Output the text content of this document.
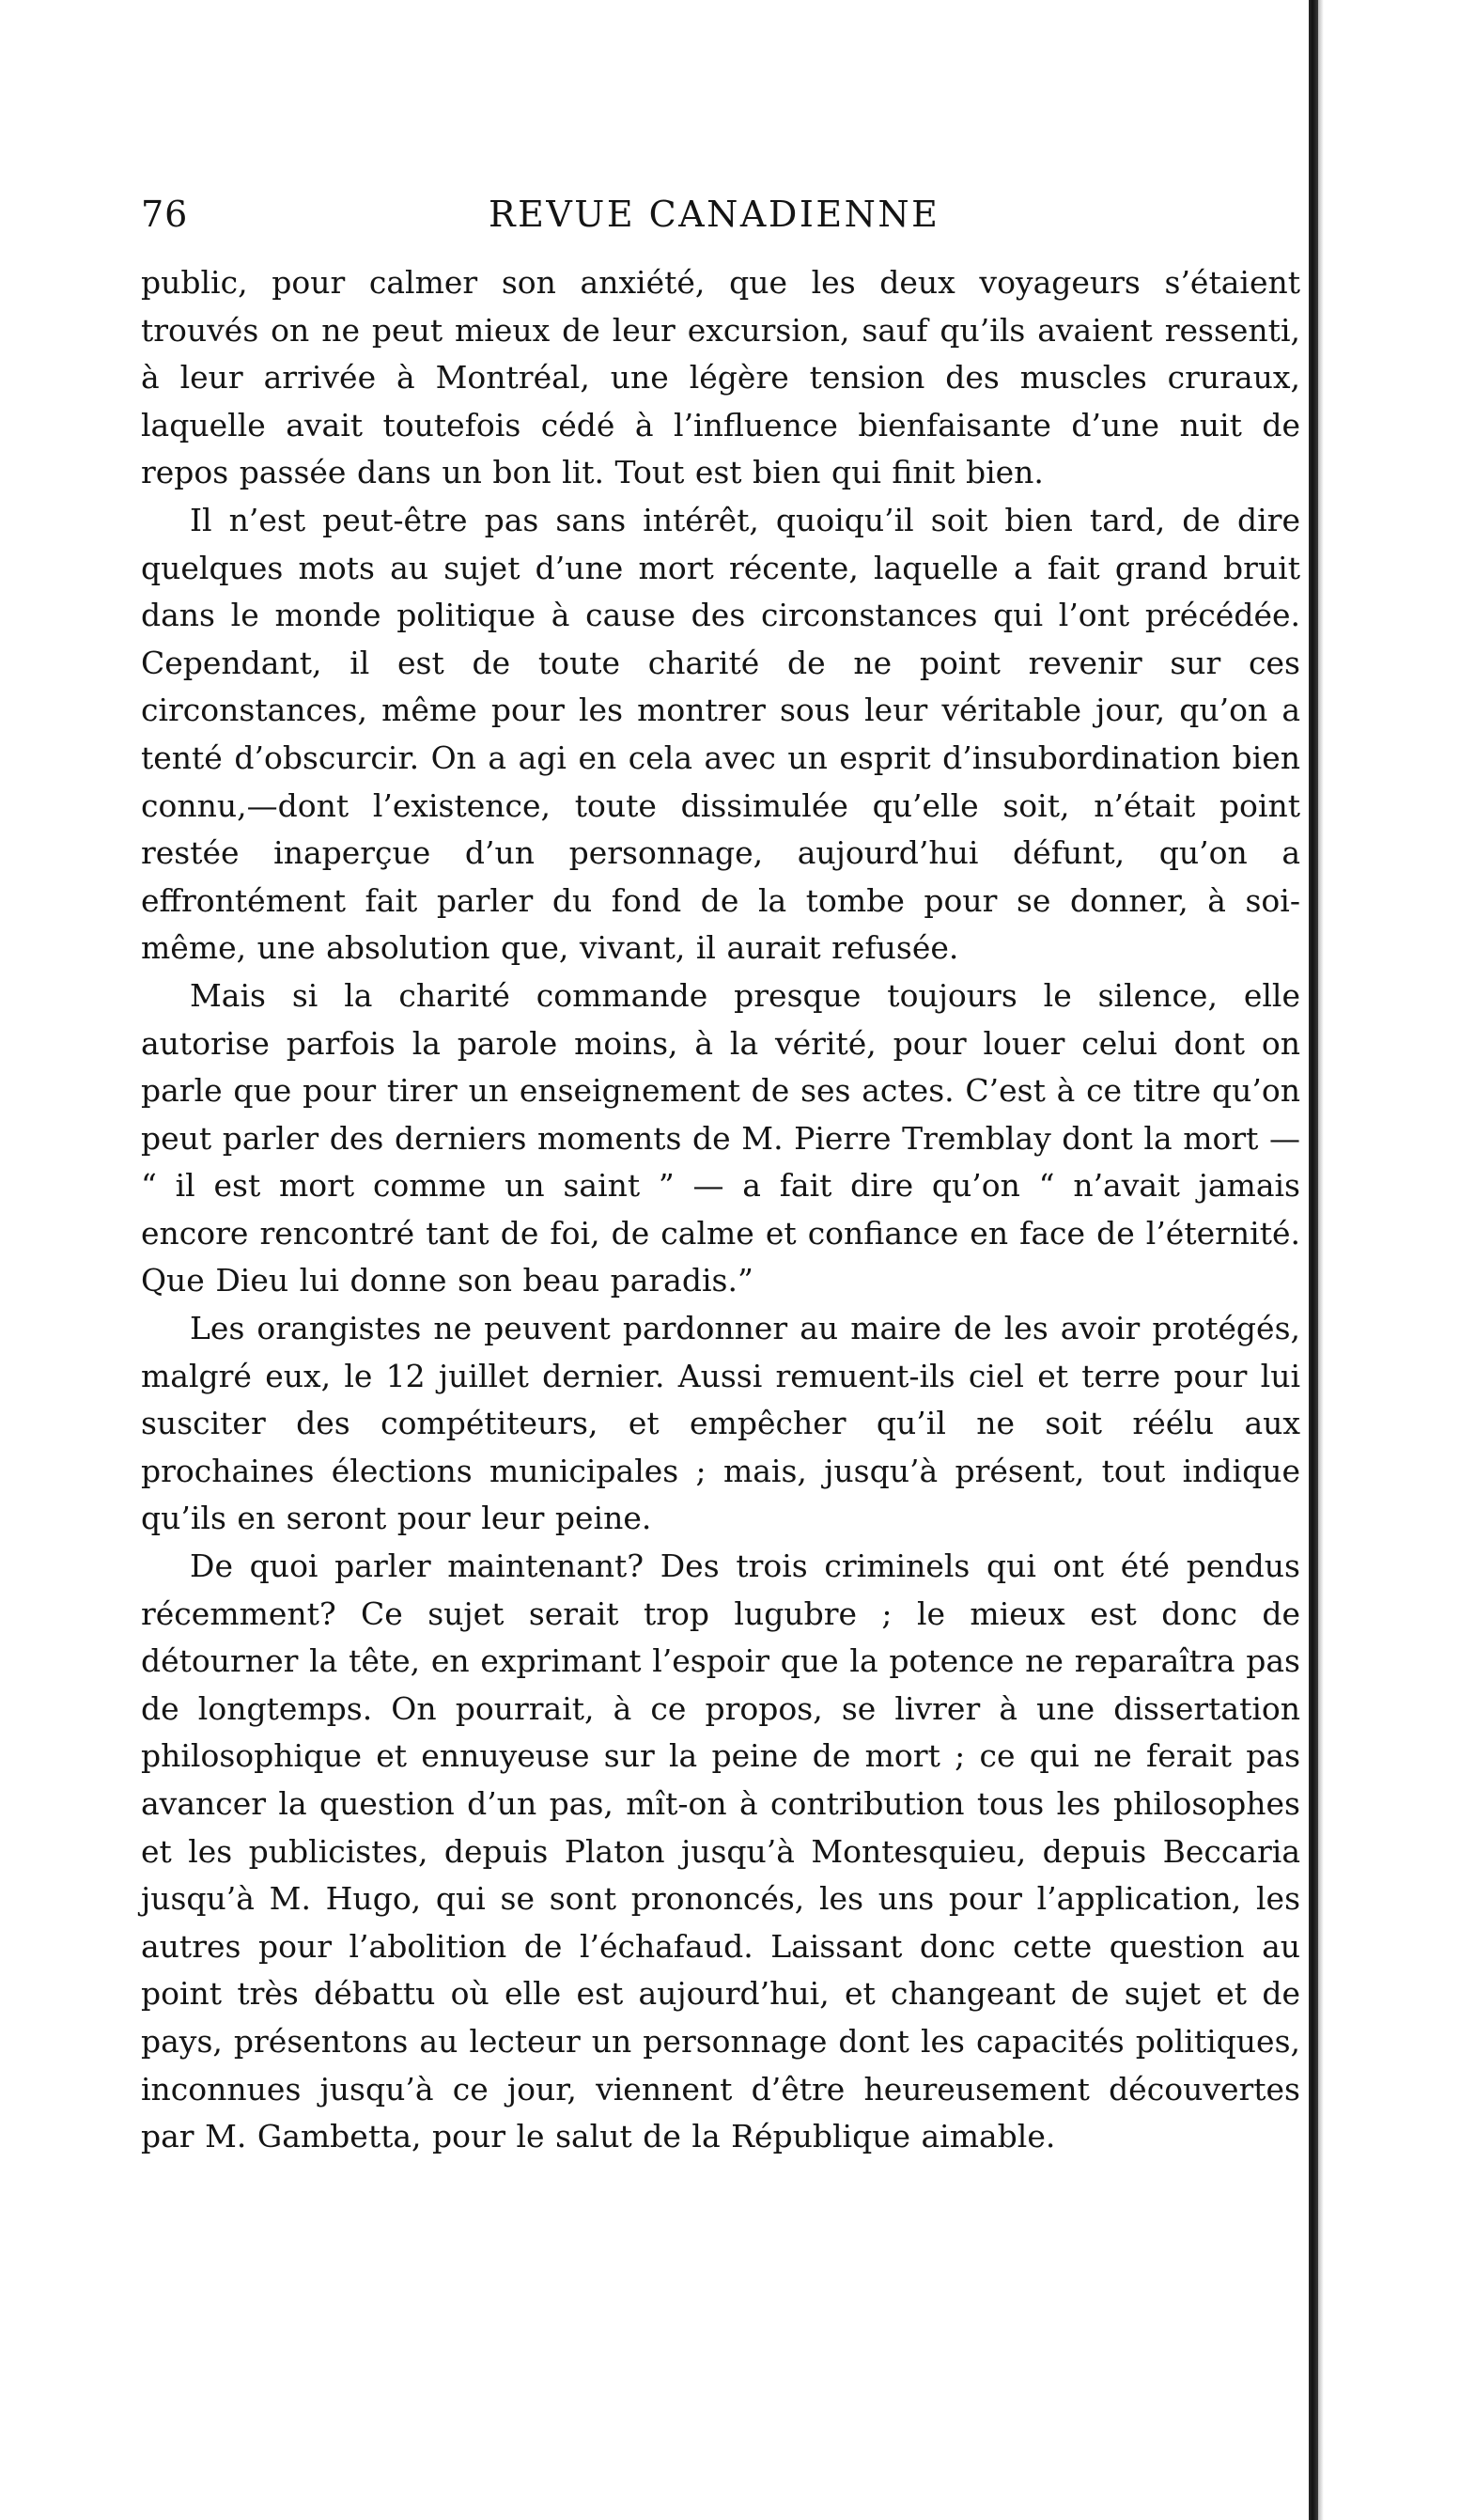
76	REVUE CANADIENNE

public, pour calmer son anxiété, que les deux voyageurs s’étaient trouvés on ne peut mieux de leur excursion, sauf qu’ils avaient ressenti, à leur arrivée à Montréal, une légère tension des muscles cruraux, laquelle avait toutefois cédé à l’influence bienfaisante d’une nuit de repos passée dans un bon lit. Tout est bien qui finit bien.

Il n’est peut-être pas sans intérêt, quoiqu’il soit bien tard, de dire quelques mots au sujet d’une mort récente, laquelle a fait grand bruit dans le monde politique à cause des circonstances qui l’ont précédée. Cependant, il est de toute charité de ne point revenir sur ces circonstances, même pour les montrer sous leur véritable jour, qu’on a tenté d’obscurcir. On a agi en cela avec un esprit d’insubordination bien connu,—dont l’existence, toute dissimulée qu’elle soit, n’était point restée inaperçue d’un personnage, aujourd’hui défunt, qu’on a effrontément fait parler du fond de la tombe pour se donner, à soi-même, une absolution que, vivant, il aurait refusée.

Mais si la charité commande presque toujours le silence, elle autorise parfois la parole moins, à la vérité, pour louer celui dont on parle que pour tirer un enseignement de ses actes. C’est à ce titre qu’on peut parler des derniers moments de M. Pierre Tremblay dont la mort — “ il est mort comme un saint ” — a fait dire qu’on “ n’avait jamais encore rencontré tant de foi, de calme et confiance en face de l’éternité. Que Dieu lui donne son beau paradis.”

Les orangistes ne peuvent pardonner au maire de les avoir protégés, malgré eux, le 12 juillet dernier. Aussi remuent-ils ciel et terre pour lui susciter des compétiteurs, et empêcher qu’il ne soit réélu aux prochaines élections municipales ; mais, jusqu’à présent, tout indique qu’ils en seront pour leur peine.

De quoi parler maintenant? Des trois criminels qui ont été pendus récemment? Ce sujet serait trop lugubre ; le mieux est donc de détourner la tête, en exprimant l’espoir que la potence ne reparaîtra pas de longtemps. On pourrait, à ce propos, se livrer à une dissertation philosophique et ennuyeuse sur la peine de mort ; ce qui ne ferait pas avancer la question d’un pas, mît-on à contribution tous les philosophes et les publicistes, depuis Platon jusqu’à Montesquieu, depuis Beccaria jusqu’à M. Hugo, qui se sont prononcés, les uns pour l’application, les autres pour l’abolition de l’échafaud. Laissant donc cette question au point très débattu où elle est aujourd’hui, et changeant de sujet et de pays, présentons au lecteur un personnage dont les capacités politiques, inconnues jusqu’à ce jour, viennent d’être heureusement découvertes par M. Gambetta, pour le salut de la République aimable.
